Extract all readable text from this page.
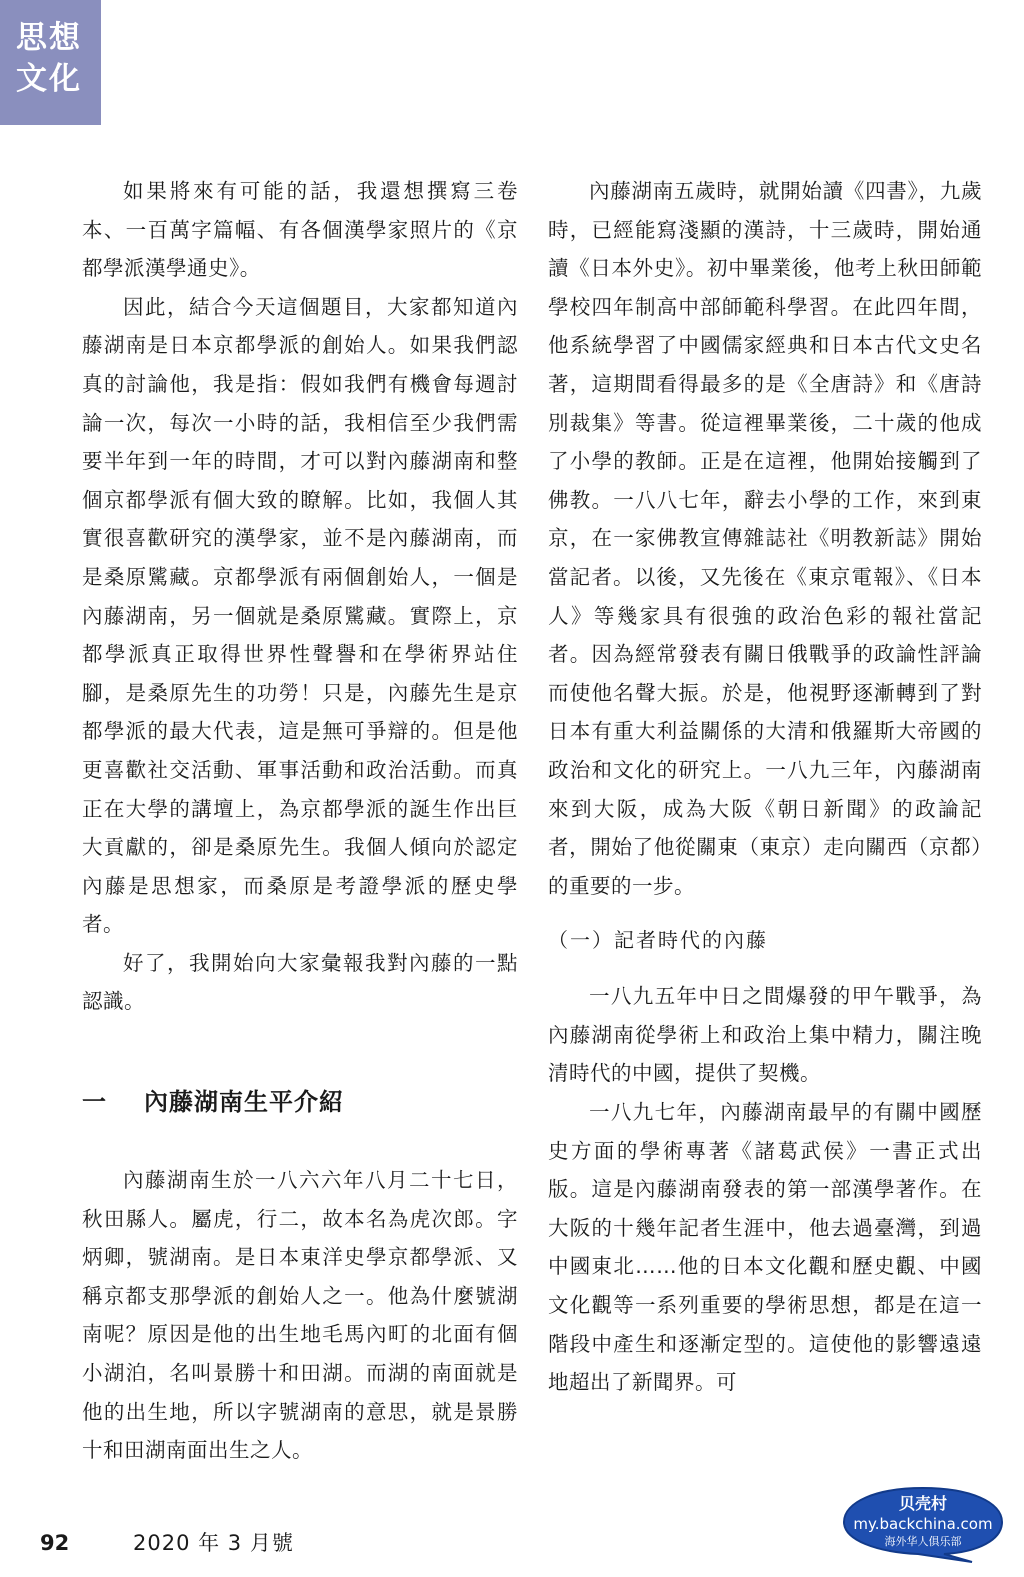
思想
文化

如果將來有可能的話，我還想撰寫三卷本、一百萬字篇幅、有各個漢學家照片的《京都學派漢學通史》。

因此，結合今天這個題目，大家都知道內藤湖南是日本京都學派的創始人。如果我們認真的討論他，我是指：假如我們有機會每週討論一次，每次一小時的話，我相信至少我們需要半年到一年的時間，才可以對內藤湖南和整個京都學派有個大致的瞭解。比如，我個人其實很喜歡研究的漢學家，並不是內藤湖南，而是桑原騭藏。京都學派有兩個創始人，一個是內藤湖南，另一個就是桑原騭藏。實際上，京都學派真正取得世界性聲譽和在學術界站住腳，是桑原先生的功勞！只是，內藤先生是京都學派的最大代表，這是無可爭辯的。但是他更喜歡社交活動、軍事活動和政治活動。而真正在大學的講壇上，為京都學派的誕生作出巨大貢獻的，卻是桑原先生。我個人傾向於認定內藤是思想家，而桑原是考證學派的歷史學者。

好了，我開始向大家彙報我對內藤的一點認識。

一 內藤湖南生平介紹

內藤湖南生於一八六六年八月二十七日，秋田縣人。屬虎，行二，故本名為虎次郎。字炳卿，號湖南。是日本東洋史學京都學派、又稱京都支那學派的創始人之一。他為什麼號湖南呢？原因是他的出生地毛馬內町的北面有個小湖泊，名叫景勝十和田湖。而湖的南面就是他的出生地，所以字號湖南的意思，就是景勝十和田湖南面出生之人。

內藤湖南五歲時，就開始讀《四書》，九歲時，已經能寫淺顯的漢詩，十三歲時，開始通讀《日本外史》。初中畢業後，他考上秋田師範學校四年制高中部師範科學習。在此四年間，他系統學習了中國儒家經典和日本古代文史名著，這期間看得最多的是《全唐詩》和《唐詩別裁集》等書。從這裡畢業後，二十歲的他成了小學的教師。正是在這裡，他開始接觸到了佛教。一八八七年，辭去小學的工作，來到東京，在一家佛教宣傳雜誌社《明教新誌》開始當記者。以後，又先後在《東京電報》、《日本人》等幾家具有很強的政治色彩的報社當記者。因為經常發表有關日俄戰爭的政論性評論而使他名聲大振。於是，他視野逐漸轉到了對日本有重大利益關係的大清和俄羅斯大帝國的政治和文化的研究上。一八九三年，內藤湖南來到大阪，成為大阪《朝日新聞》的政論記者，開始了他從關東（東京）走向關西（京都）的重要的一步。

（一）記者時代的內藤

一八九五年中日之間爆發的甲午戰爭，為內藤湖南從學術上和政治上集中精力，關注晚清時代的中國，提供了契機。

一八九七年，內藤湖南最早的有關中國歷史方面的學術專著《諸葛武侯》一書正式出版。這是內藤湖南發表的第一部漢學著作。在大阪的十幾年記者生涯中，他去過臺灣，到過中國東北……他的日本文化觀和歷史觀、中國文化觀等一系列重要的學術思想，都是在這一階段中產生和逐漸定型的。這使他的影響遠遠地超出了新聞界。可

92	2020 年 3 月號
贝壳村
my.backchina.com
海外华人俱乐部
